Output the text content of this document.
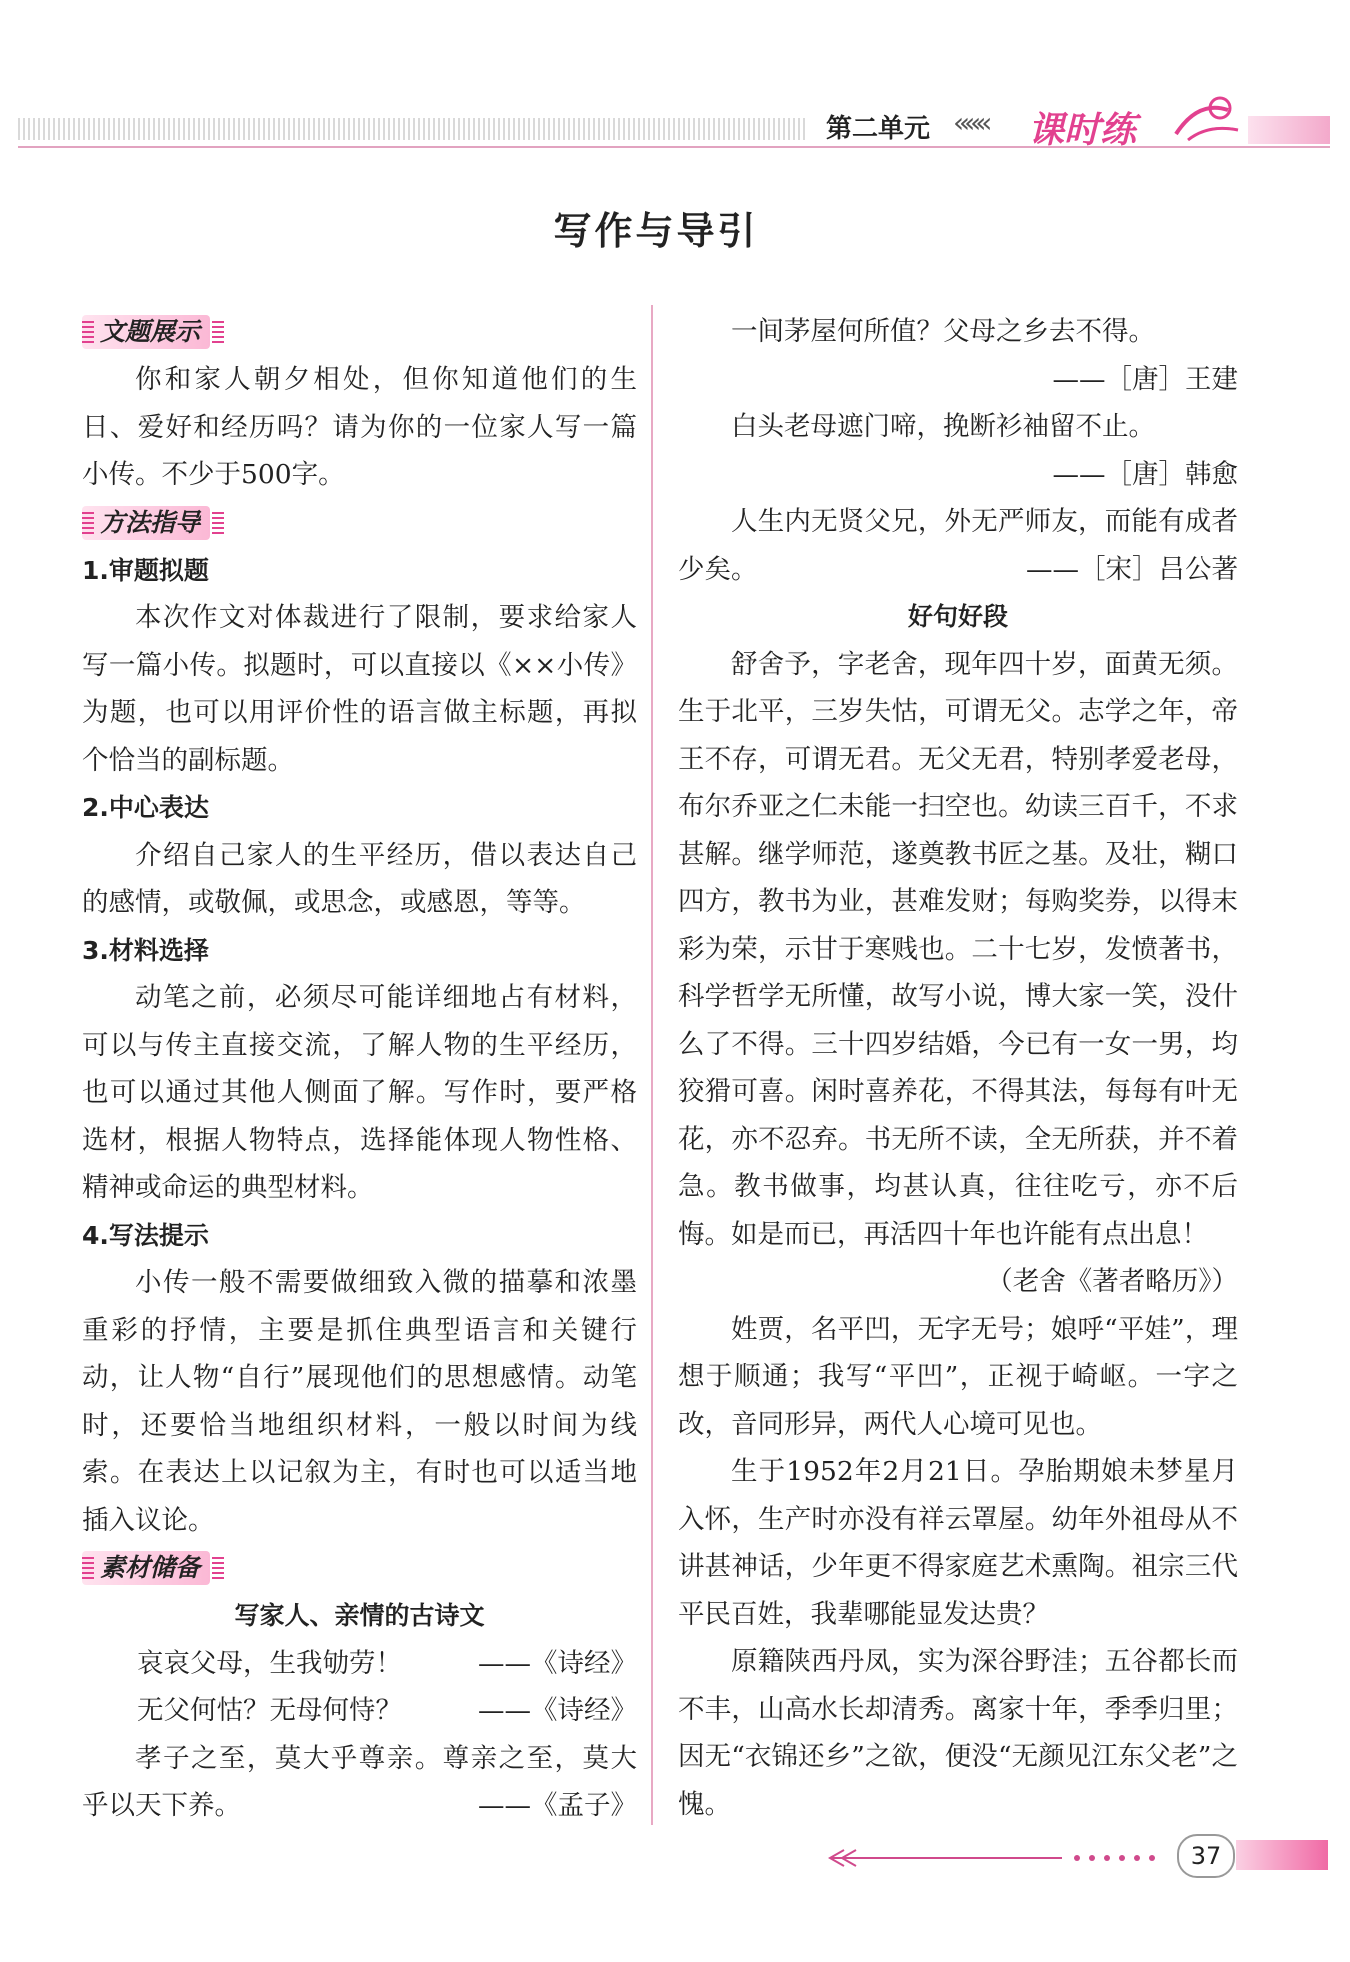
第二单元 ««« 课时练
写作与导引
文题展示

你和家人朝夕相处，但你知道他们的生日、爱好和经历吗？请为你的一位家人写一篇小传。不少于500字。

方法指导

1.审题拟题

本次作文对体裁进行了限制，要求给家人写一篇小传。拟题时，可以直接以《××小传》为题，也可以用评价性的语言做主标题，再拟个恰当的副标题。

2.中心表达

介绍自己家人的生平经历，借以表达自己的感情，或敬佩，或思念，或感恩，等等。

3.材料选择

动笔之前，必须尽可能详细地占有材料，可以与传主直接交流，了解人物的生平经历，也可以通过其他人侧面了解。写作时，要严格选材，根据人物特点，选择能体现人物性格、精神或命运的典型材料。

4.写法提示

小传一般不需要做细致入微的描摹和浓墨重彩的抒情，主要是抓住典型语言和关键行动，让人物“自行”展现他们的思想感情。动笔时，还要恰当地组织材料，一般以时间为线索。在表达上以记叙为主，有时也可以适当地插入议论。

素材储备

写家人、亲情的古诗文

哀哀父母，生我劬劳！	——《诗经》
无父何怙？无母何恃？	——《诗经》

孝子之至，莫大乎尊亲。尊亲之至，莫大乎以天下养。	——《孟子》

一间茅屋何所值？父母之乡去不得。

——［唐］王建

白头老母遮门啼，挽断衫袖留不止。

——［唐］韩愈

人生内无贤父兄，外无严师友，而能有成者少矣。	——［宋］吕公著

好句好段

舒舍予，字老舍，现年四十岁，面黄无须。生于北平，三岁失怙，可谓无父。志学之年，帝王不存，可谓无君。无父无君，特别孝爱老母，布尔乔亚之仁未能一扫空也。幼读三百千，不求甚解。继学师范，遂奠教书匠之基。及壮，糊口四方，教书为业，甚难发财；每购奖券，以得末彩为荣，示甘于寒贱也。二十七岁，发愤著书，科学哲学无所懂，故写小说，博大家一笑，没什么了不得。三十四岁结婚，今已有一女一男，均狡猾可喜。闲时喜养花，不得其法，每每有叶无花，亦不忍弃。书无所不读，全无所获，并不着急。教书做事，均甚认真，往往吃亏，亦不后悔。如是而已，再活四十年也许能有点出息！

（老舍《著者略历》）

姓贾，名平凹，无字无号；娘呼“平娃”，理想于顺通；我写“平凹”，正视于崎岖。一字之改，音同形异，两代人心境可见也。

生于1952年2月21日。孕胎期娘未梦星月入怀，生产时亦没有祥云罩屋。幼年外祖母从不讲甚神话，少年更不得家庭艺术熏陶。祖宗三代平民百姓，我辈哪能显发达贵？

原籍陕西丹凤，实为深谷野洼；五谷都长而不丰，山高水长却清秀。离家十年，季季归里；因无“衣锦还乡”之欲，便没“无颜见江东父老”之愧。

37
